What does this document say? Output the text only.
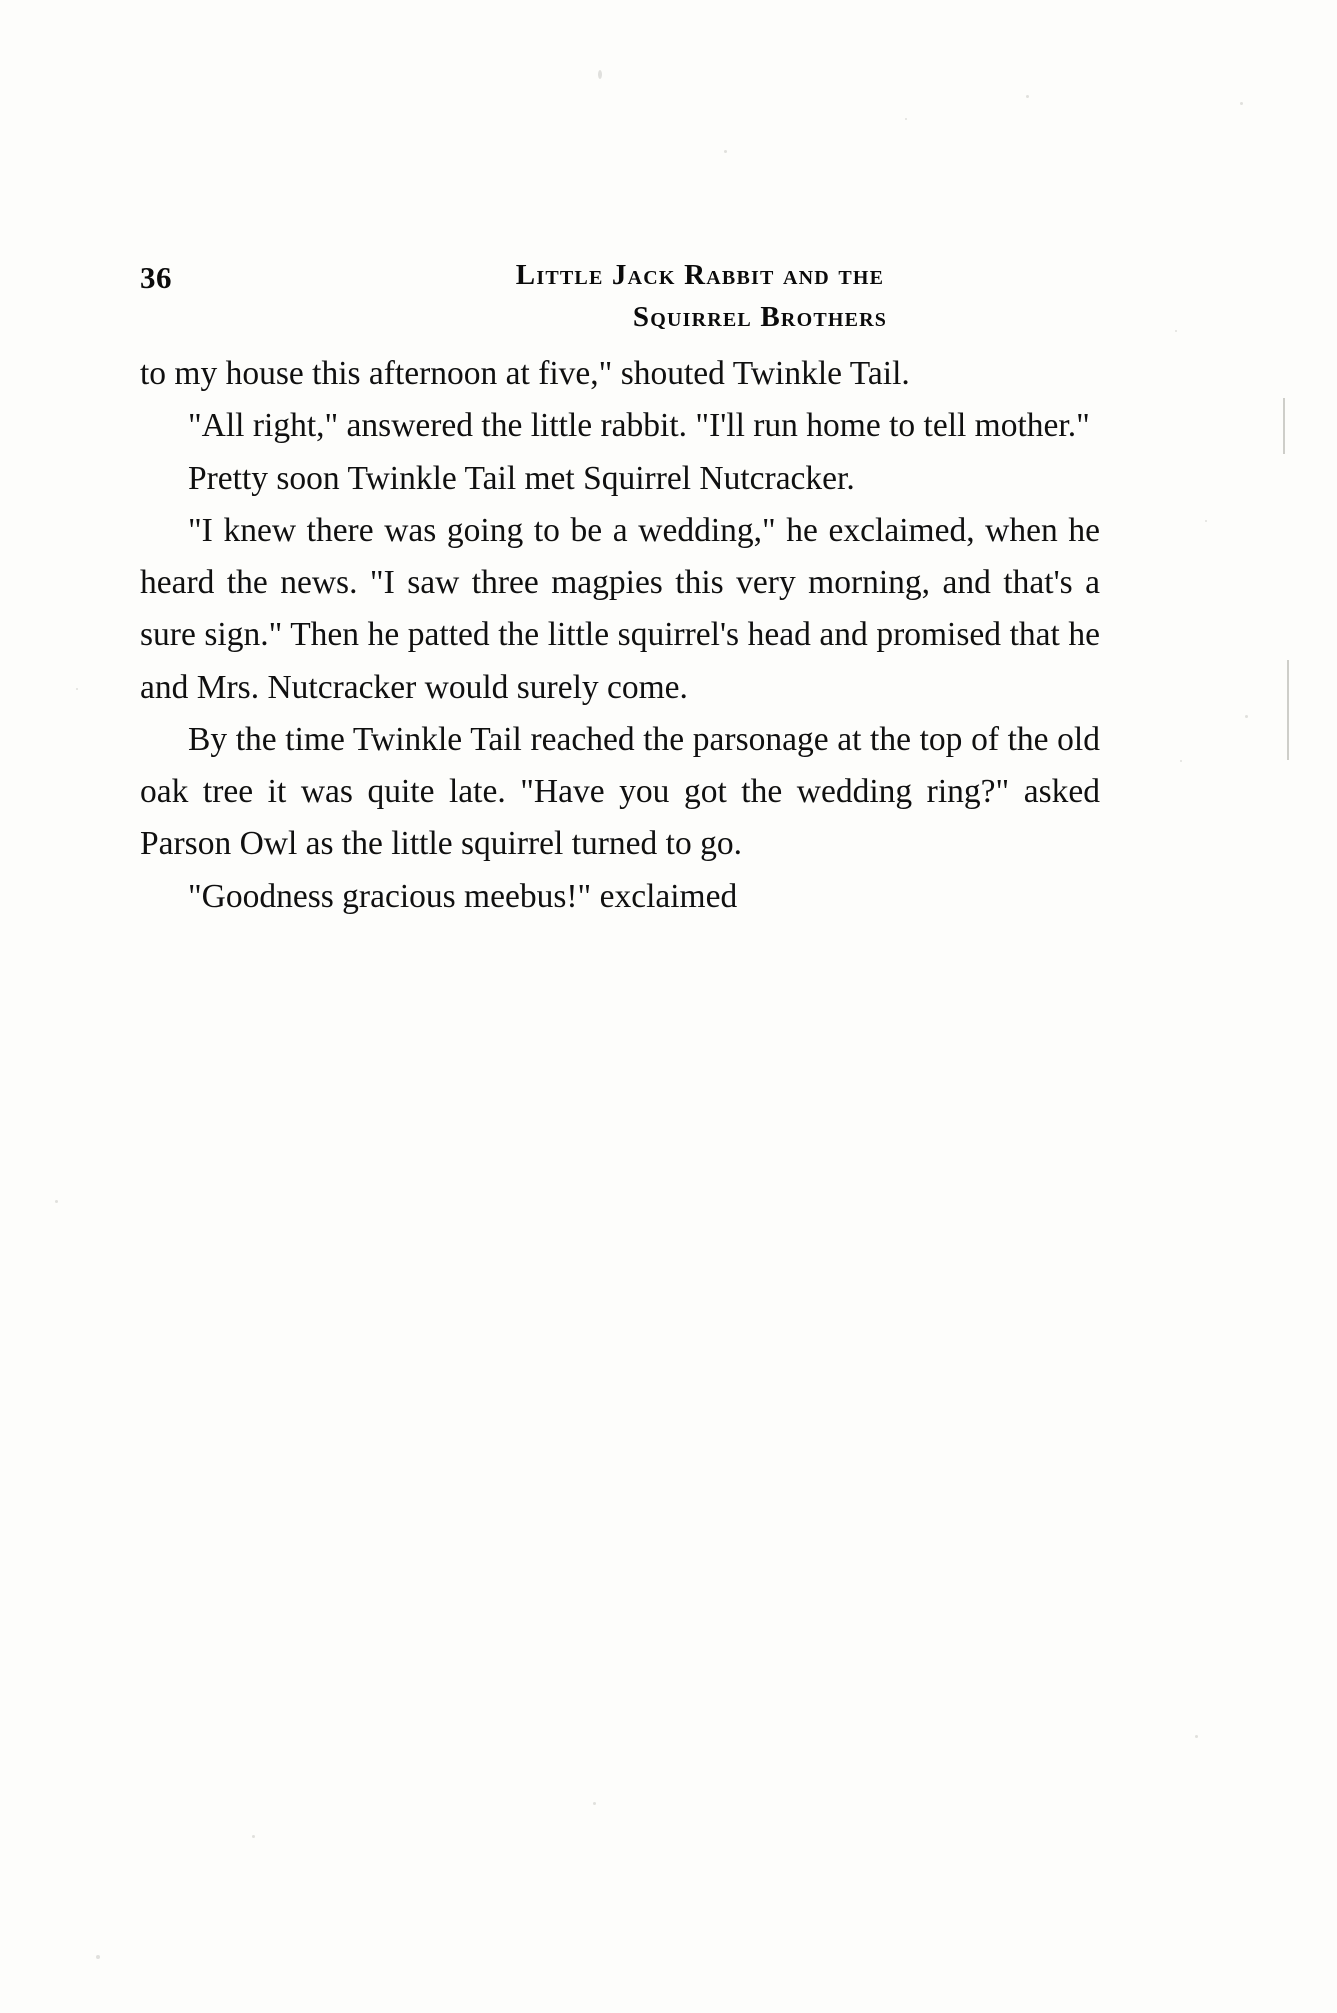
36	Little Jack Rabbit and the
Squirrel Brothers

to my house this afternoon at five," shouted Twinkle Tail.

"All right," answered the little rabbit. "I'll run home to tell mother."

Pretty soon Twinkle Tail met Squirrel Nutcracker.

"I knew there was going to be a wedding," he exclaimed, when he heard the news. "I saw three magpies this very morning, and that's a sure sign." Then he patted the little squirrel's head and promised that he and Mrs. Nutcracker would surely come.

By the time Twinkle Tail reached the parsonage at the top of the old oak tree it was quite late. "Have you got the wedding ring?" asked Parson Owl as the little squirrel turned to go.

"Goodness gracious meebus!" exclaimed
